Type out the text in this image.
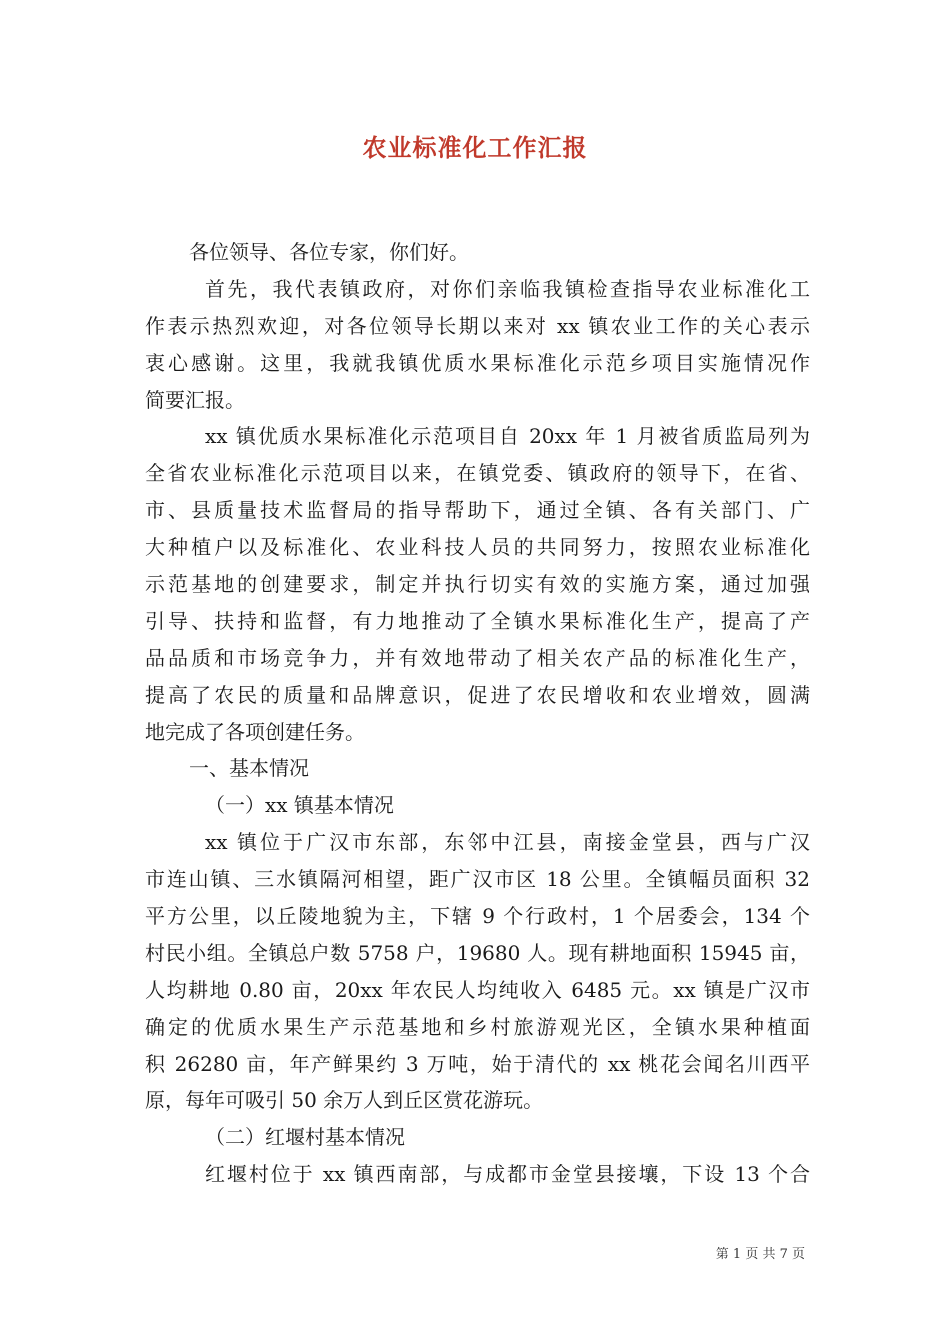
农业标准化工作汇报
各位领导、各位专家，你们好。
首先，我代表镇政府，对你们亲临我镇检查指导农业标准化工
作表示热烈欢迎，对各位领导长期以来对 xx 镇农业工作的关心表示
衷心感谢。这里，我就我镇优质水果标准化示范乡项目实施情况作
简要汇报。
xx 镇优质水果标准化示范项目自 20xx 年 1 月被省质监局列为
全省农业标准化示范项目以来，在镇党委、镇政府的领导下，在省、
市、县质量技术监督局的指导帮助下，通过全镇、各有关部门、广
大种植户以及标准化、农业科技人员的共同努力，按照农业标准化
示范基地的创建要求，制定并执行切实有效的实施方案，通过加强
引导、扶持和监督，有力地推动了全镇水果标准化生产，提高了产
品品质和市场竞争力，并有效地带动了相关农产品的标准化生产，
提高了农民的质量和品牌意识，促进了农民增收和农业增效，圆满
地完成了各项创建任务。
一、基本情况
（一）xx 镇基本情况
xx 镇位于广汉市东部，东邻中江县，南接金堂县，西与广汉
市连山镇、三水镇隔河相望，距广汉市区 18 公里。全镇幅员面积 32
平方公里，以丘陵地貌为主，下辖 9 个行政村，1 个居委会，134 个
村民小组。全镇总户数 5758 户，19680 人。现有耕地面积 15945 亩，
人均耕地 0.80 亩，20xx 年农民人均纯收入 6485 元。xx 镇是广汉市
确定的优质水果生产示范基地和乡村旅游观光区，全镇水果种植面
积 26280 亩，年产鲜果约 3 万吨，始于清代的 xx 桃花会闻名川西平
原，每年可吸引 50 余万人到丘区赏花游玩。
（二）红堰村基本情况
红堰村位于 xx 镇西南部，与成都市金堂县接壤，下设 13 个合
第 1 页 共 7 页
